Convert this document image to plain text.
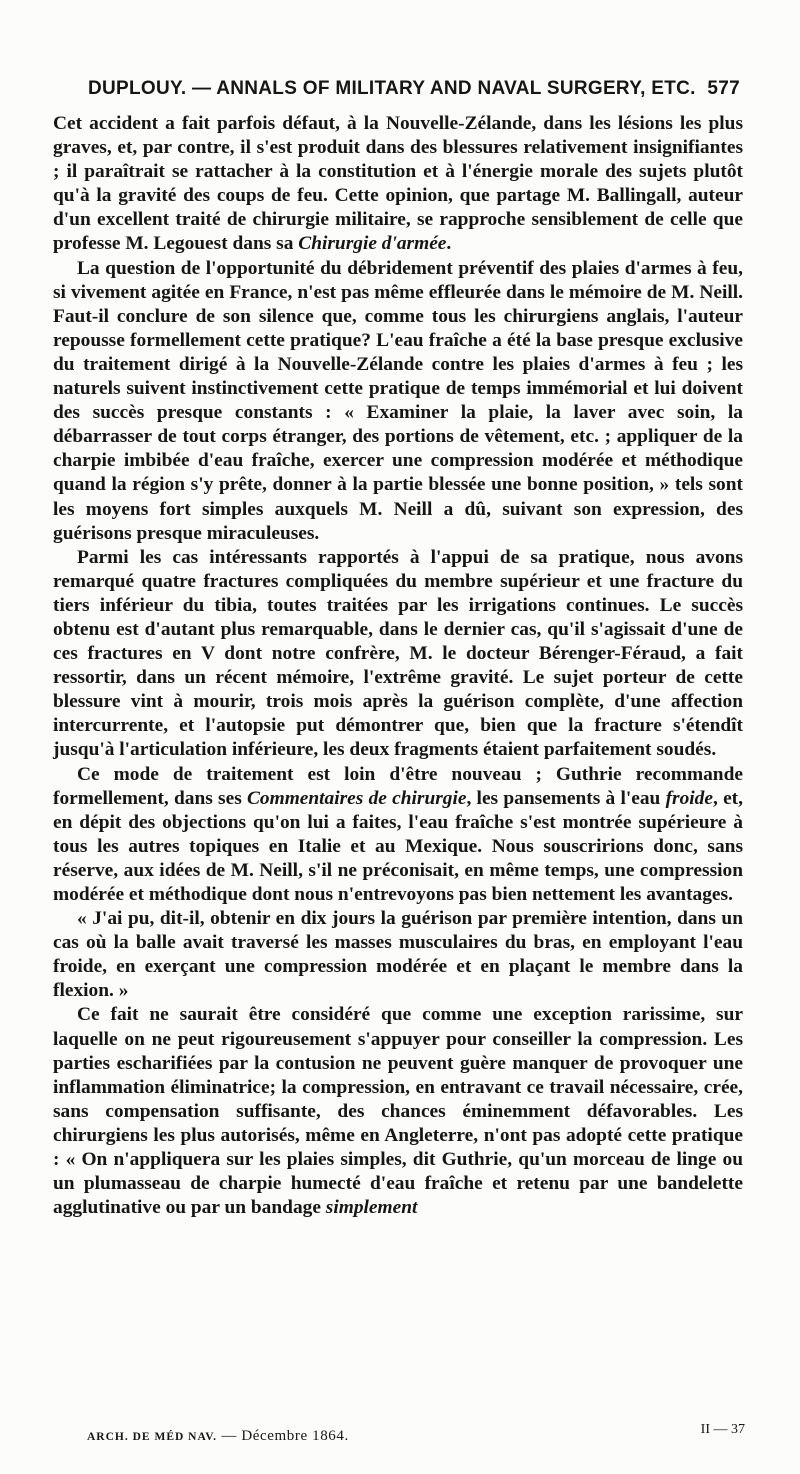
DUPLOUY. — ANNALS OF MILITARY AND NAVAL SURGERY, ETC. 577

Cet accident a fait parfois défaut, à la Nouvelle-Zélande, dans les lésions les plus graves, et, par contre, il s'est produit dans des blessures relativement insignifiantes ; il paraîtrait se rattacher à la constitution et à l'énergie morale des sujets plutôt qu'à la gravité des coups de feu. Cette opinion, que partage M. Ballingall, auteur d'un excellent traité de chirurgie militaire, se rapproche sensiblement de celle que professe M. Legouest dans sa Chirurgie d'armée.

La question de l'opportunité du débridement préventif des plaies d'armes à feu, si vivement agitée en France, n'est pas même effleurée dans le mémoire de M. Neill. Faut-il conclure de son silence que, comme tous les chirurgiens anglais, l'auteur repousse formellement cette pratique? L'eau fraîche a été la base presque exclusive du traitement dirigé à la Nouvelle-Zélande contre les plaies d'armes à feu ; les naturels suivent instinctivement cette pratique de temps immémorial et lui doivent des succès presque constants : « Examiner la plaie, la laver avec soin, la débarrasser de tout corps étranger, des portions de vêtement, etc. ; appliquer de la charpie imbibée d'eau fraîche, exercer une compression modérée et méthodique quand la région s'y prête, donner à la partie blessée une bonne position, » tels sont les moyens fort simples auxquels M. Neill a dû, suivant son expression, des guérisons presque miraculeuses.

Parmi les cas intéressants rapportés à l'appui de sa pratique, nous avons remarqué quatre fractures compliquées du membre supérieur et une fracture du tiers inférieur du tibia, toutes traitées par les irrigations continues. Le succès obtenu est d'autant plus remarquable, dans le dernier cas, qu'il s'agissait d'une de ces fractures en V dont notre confrère, M. le docteur Bérenger-Féraud, a fait ressortir, dans un récent mémoire, l'extrême gravité. Le sujet porteur de cette blessure vint à mourir, trois mois après la guérison complète, d'une affection intercurrente, et l'autopsie put démontrer que, bien que la fracture s'étendît jusqu'à l'articulation inférieure, les deux fragments étaient parfaitement soudés.

Ce mode de traitement est loin d'être nouveau ; Guthrie recommande formellement, dans ses Commentaires de chirurgie, les pansements à l'eau froide, et, en dépit des objections qu'on lui a faites, l'eau fraîche s'est montrée supérieure à tous les autres topiques en Italie et au Mexique. Nous souscririons donc, sans réserve, aux idées de M. Neill, s'il ne préconisait, en même temps, une compression modérée et méthodique dont nous n'entrevoyons pas bien nettement les avantages.

« J'ai pu, dit-il, obtenir en dix jours la guérison par première intention, dans un cas où la balle avait traversé les masses musculaires du bras, en employant l'eau froide, en exerçant une compression modérée et en plaçant le membre dans la flexion. »

Ce fait ne saurait être considéré que comme une exception rarissime, sur laquelle on ne peut rigoureusement s'appuyer pour conseiller la compression. Les parties escharifiées par la contusion ne peuvent guère manquer de provoquer une inflammation éliminatrice; la compression, en entravant ce travail nécessaire, crée, sans compensation suffisante, des chances éminemment défavorables. Les chirurgiens les plus autorisés, même en Angleterre, n'ont pas adopté cette pratique : « On n'appliquera sur les plaies simples, dit Guthrie, qu'un morceau de linge ou un plumasseau de charpie humecté d'eau fraîche et retenu par une bandelette agglutinative ou par un bandage simplement

ARCH. DE MÉD NAV. — Décembre 1864.	II — 37
